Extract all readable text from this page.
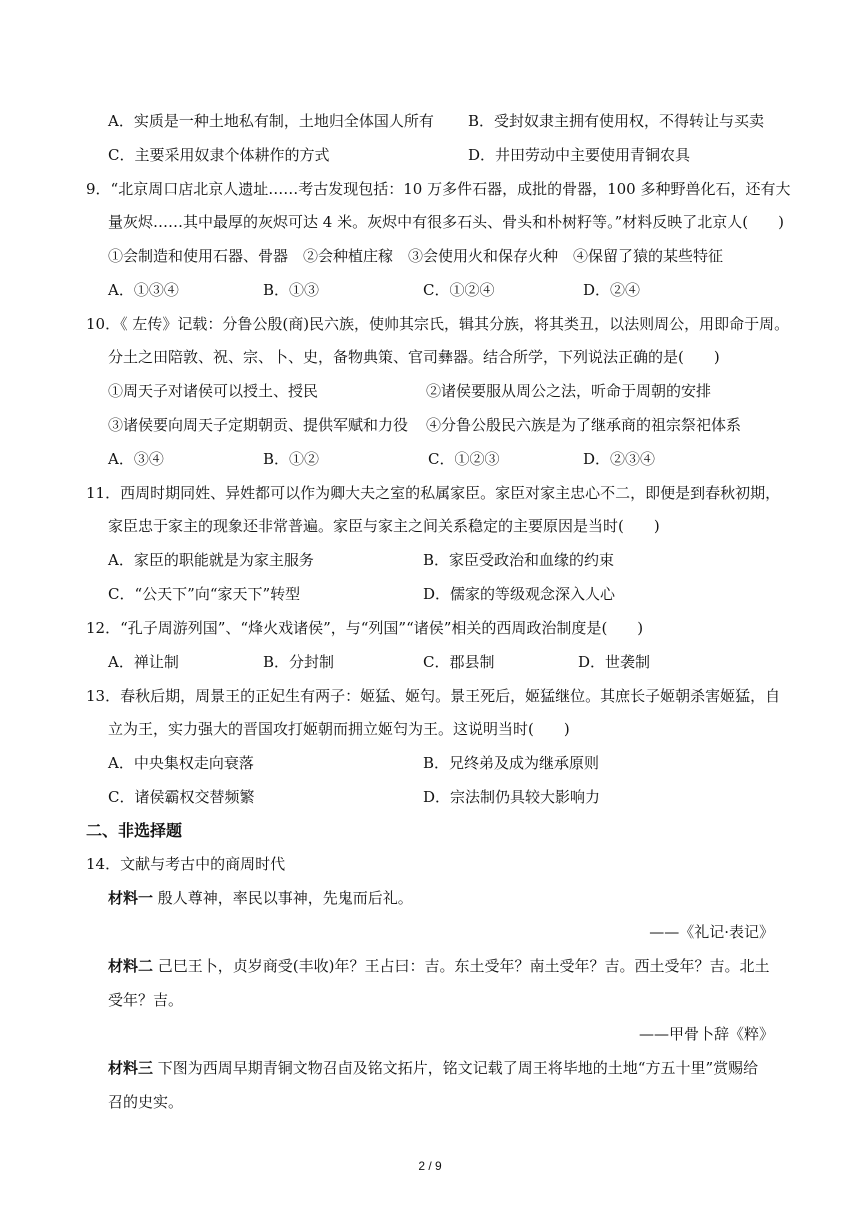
A．实质是一种土地私有制，土地归全体国人所有 B．受封奴隶主拥有使用权，不得转让与买卖
C．主要采用奴隶个体耕作的方式	D．井田劳动中主要使用青铜农具
9．“北京周口店北京人遗址……考古发现包括：10 万多件石器，成批的骨器，100 多种野兽化石，还有大
量灰烬……其中最厚的灰烬可达 4 米。灰烬中有很多石头、骨头和朴树籽等。”材料反映了北京人(　　)
①会制造和使用石器、骨器　②会种植庄稼　③会使用火和保存火种　④保留了猿的某些特征
A．①③④	B．①③	C．①②④	D．②④
10．《 左传》记载：分鲁公殷(商)民六族，使帅其宗氏，辑其分族，将其类丑，以法则周公，用即命于周。
分土之田陪敦、祝、宗、卜、史，备物典策、官司彝器。结合所学，下列说法正确的是(　　)
①周天子对诸侯可以授土、授民	②诸侯要服从周公之法，听命于周朝的安排
③诸侯要向周天子定期朝贡、提供军赋和力役 ④分鲁公殷民六族是为了继承商的祖宗祭祀体系
A．③④	B．①②	C．①②③	D．②③④
11．西周时期同姓、异姓都可以作为卿大夫之室的私属家臣。家臣对家主忠心不二，即便是到春秋初期，
家臣忠于家主的现象还非常普遍。家臣与家主之间关系稳定的主要原因是当时(　　)
A．家臣的职能就是为家主服务	B．家臣受政治和血缘的约束
C．“公天下”向“家天下”转型	D．儒家的等级观念深入人心
12．“孔子周游列国”、“烽火戏诸侯”，与“列国”“诸侯”相关的西周政治制度是(　　)
A．禅让制	B．分封制	C．郡县制	D．世袭制
13．春秋后期，周景王的正妃生有两子：姬猛、姬匄。景王死后，姬猛继位。其庶长子姬朝杀害姬猛，自
立为王，实力强大的晋国攻打姬朝而拥立姬匄为王。这说明当时(　　)
A．中央集权走向衰落	B．兄终弟及成为继承原则
C．诸侯霸权交替频繁	D．宗法制仍具较大影响力
二、非选择题
14．文献与考古中的商周时代
材料一 殷人尊神，率民以事神，先鬼而后礼。
——《礼记·表记》
材料二 己巳王卜，贞岁商受(丰收)年？王占曰：吉。东土受年？南土受年？吉。西土受年？吉。北土
受年？吉。
——甲骨卜辞《粹》
材料三 下图为西周早期青铜文物召卣及铭文拓片，铭文记载了周王将毕地的土地“方五十里”赏赐给
召的史实。
2 / 9
